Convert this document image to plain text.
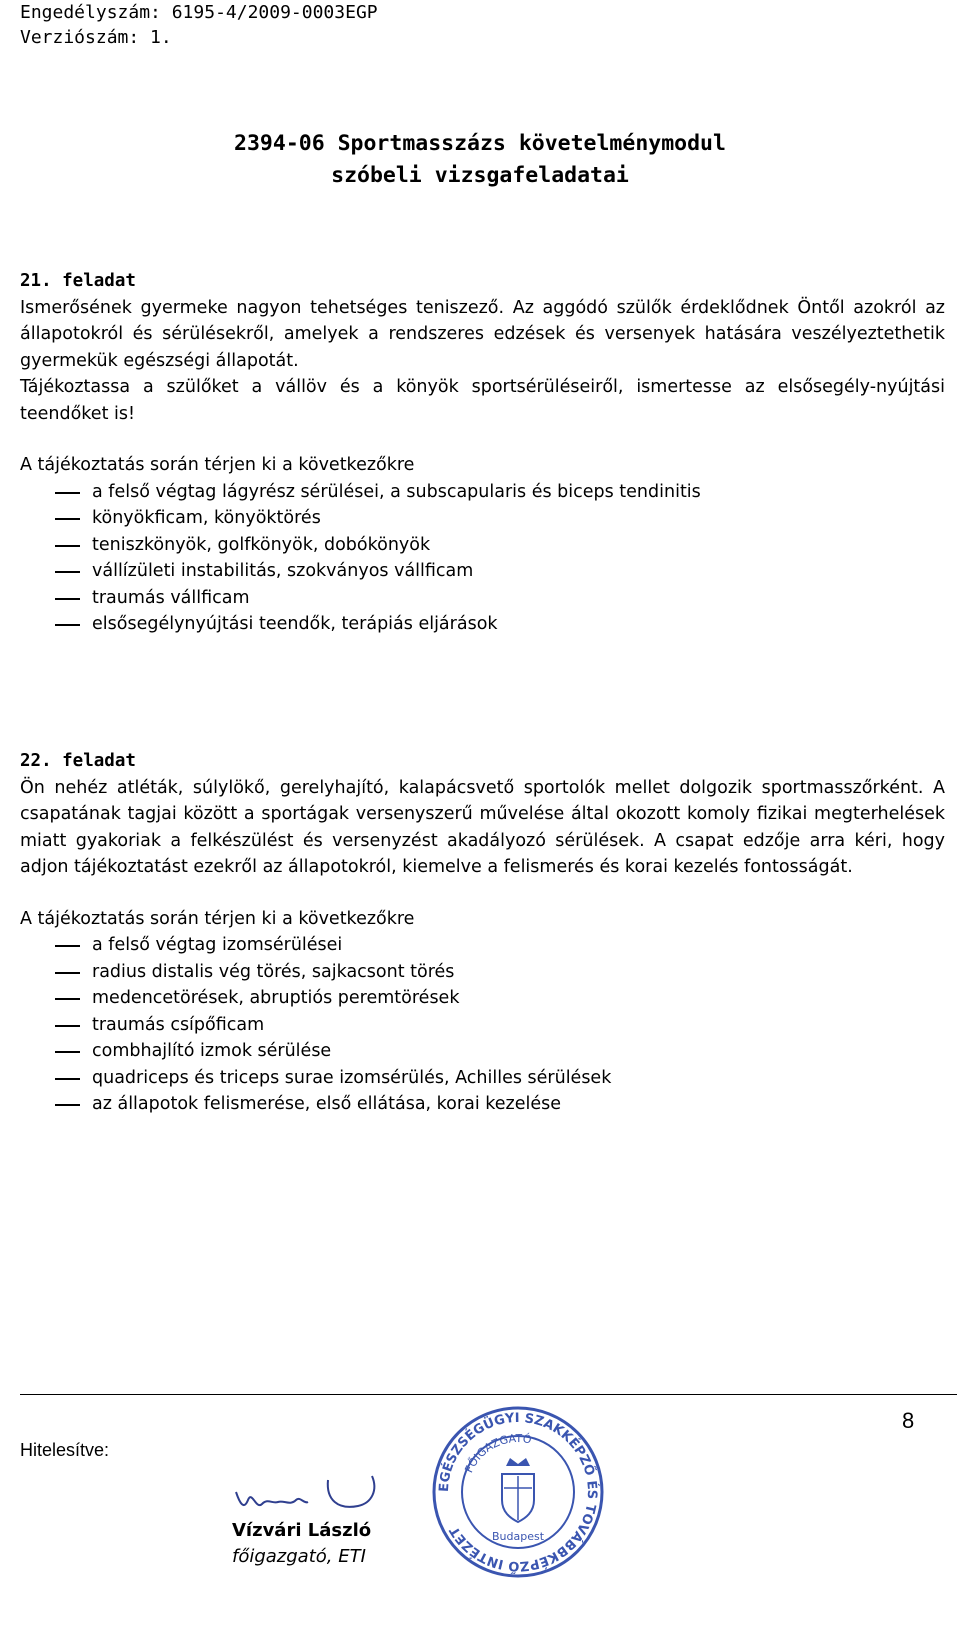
Engedélyszám: 6195-4/2009-0003EGP
Verziószám: 1.
2394-06 Sportmasszázs követelménymodul
szóbeli vizsgafeladatai
21. feladat

Ismerősének gyermeke nagyon tehetséges teniszező. Az aggódó szülők érdeklődnek Öntől azokról az állapotokról és sérülésekről, amelyek a rendszeres edzések és versenyek hatására veszélyeztethetik gyermekük egészségi állapotát.

Tájékoztassa a szülőket a vállöv és a könyök sportsérüléseiről, ismertesse az elsősegély-nyújtási teendőket is!

A tájékoztatás során térjen ki a következőkre

a felső végtag lágyrész sérülései, a subscapularis és biceps tendinitis
könyökficam, könyöktörés
teniszkönyök, golfkönyök, dobókönyök
vállízületi instabilitás, szokványos vállficam
traumás vállficam
elsősegélynyújtási teendők, terápiás eljárások
22. feladat

Ön nehéz atléták, súlylökő, gerelyhajító, kalapácsvető sportolók mellet dolgozik sportmasszőrként. A csapatának tagjai között a sportágak versenyszerű művelése által okozott komoly fizikai megterhelések miatt gyakoriak a felkészülést és versenyzést akadályozó sérülések. A csapat edzője arra kéri, hogy adjon tájékoztatást ezekről az állapotokról, kiemelve a felismerés és korai kezelés fontosságát.

A tájékoztatás során térjen ki a következőkre

a felső végtag izomsérülései
radius distalis vég törés, sajkacsont törés
medencetörések, abruptiós peremtörések
traumás csípőficam
combhajlító izmok sérülése
quadriceps és triceps surae izomsérülés, Achilles sérülések
az állapotok felismerése, első ellátása, korai kezelése
8
Hitelesítve:
Vízvári László
főigazgató, ETI
EGÉSZSÉGÜGYI SZAKKÉPZŐ ÉS TOVÁBBKÉPZŐ INTÉZET
FŐIGAZGATÓ
Budapest
